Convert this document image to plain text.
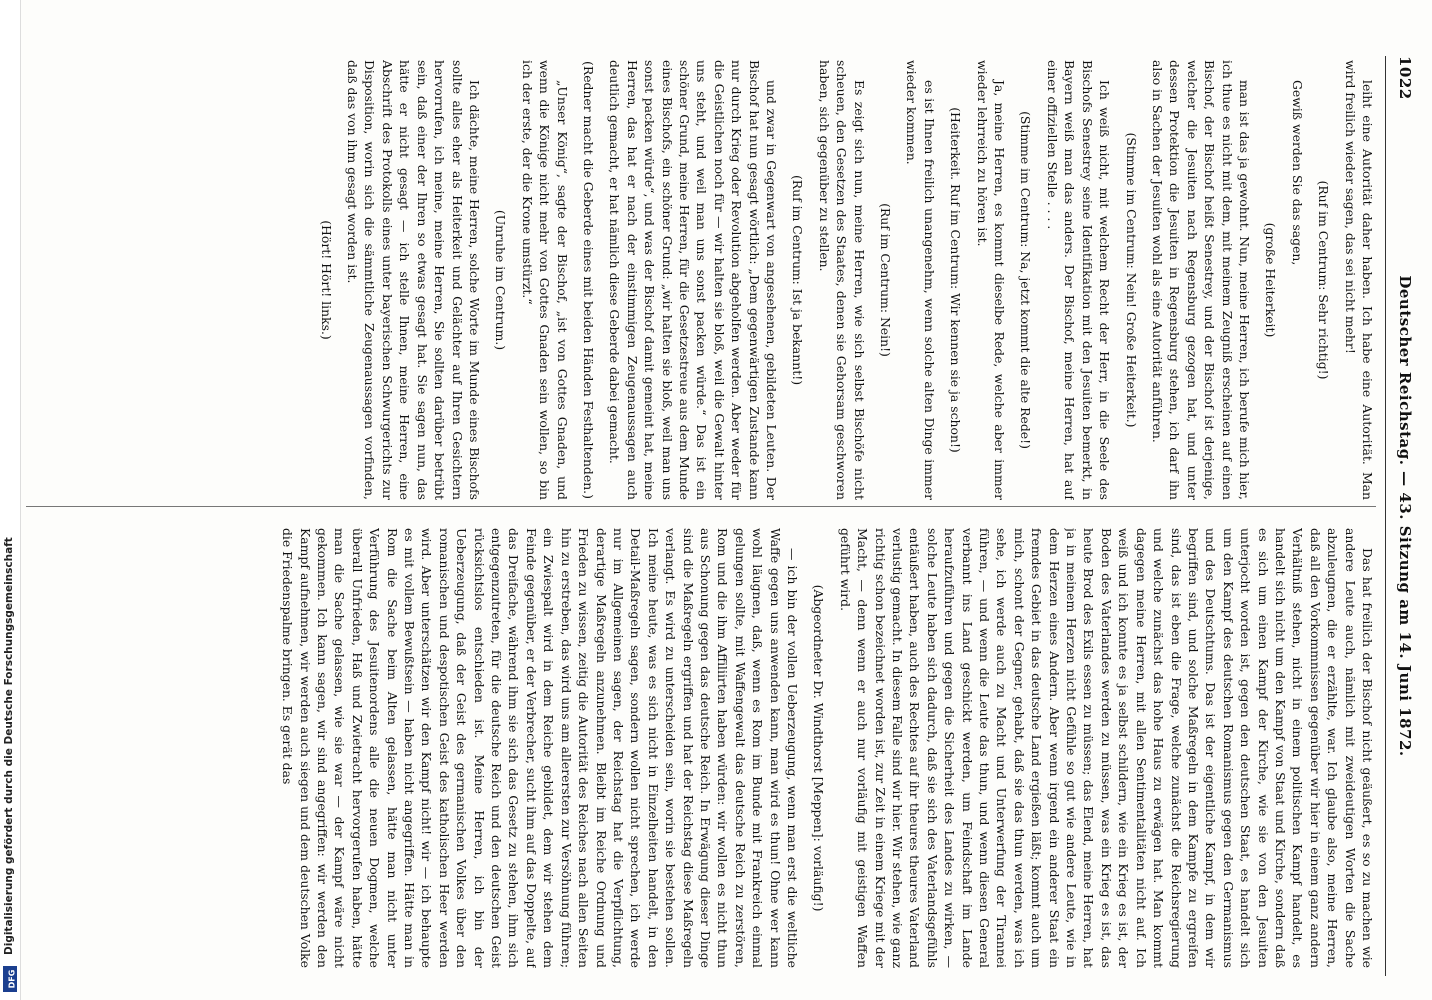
Digitalisierung gefördert durch die Deutsche Forschungsgemeinschaft
DFG
1022
Deutscher Reichstag. — 43. Sitzung am 14. Juni 1872.

leiht eine Autorität daher haben. Ich habe eine Autorität. Man wird freilich wieder sagen, das sei nicht mehr!

(Ruf im Centrum: Sehr richtig!)

Gewiß werden Sie das sagen,

(große Heiterkeit)

man ist das ja gewohnt. Nun, meine Herren, ich berufe mich hier, ich thue es nicht mit dem, mit meinem Zeugniß erscheinen auf einen Bischof, der Bischof heißt Senestrey, und der Bischof ist derjenige, welcher die Jesuiten nach Regensburg gezogen hat, und unter dessen Protektion die Jesuiten in Regensburg stehen, ich darf ihn also in Sachen der Jesuiten wohl als eine Autorität anführen.

(Stimme im Centrum: Nein! Große Heiterkeit.)

Ich weiß nicht, mit welchem Recht der Herr, in die Seele des Bischofs Senestrey seine Identifikation mit den Jesuiten bemerkt, in Bayern weiß man das anders. Der Bischof, meine Herren, hat auf einer offiziellen Stelle . . . .

(Stimme im Centrum: Na, jetzt kommt die alte Rede!)

Ja, meine Herren, es kommt dieselbe Rede, welche aber immer wieder lehrreich zu hören ist.

(Heiterkeit. Ruf im Centrum: Wir kennen sie ja schon!)

es ist Ihnen freilich unangenehm, wenn solche alten Dinge immer wieder kommen.

(Ruf im Centrum: Nein!)

Es zeigt sich nun, meine Herren, wie sich selbst Bischöfe nicht scheuen, den Gesetzen des Staates, denen sie Gehorsam geschworen haben, sich gegenüber zu stellen.

(Ruf im Centrum: Ist ja bekannt!)

und zwar in Gegenwart von angesehenen, gebildeten Leuten. Der Bischof hat nun gesagt wörtlich: „Dem gegenwärtigen Zustande kann nur durch Krieg oder Revolution abgeholfen werden. Aber weder für die Geistlichen noch für — wir halten sie bloß, weil die Gewalt hinter uns steht, und weil man uns sonst packen würde.“ Das ist ein schöner Grund, meine Herren, für die Gesetzestreue aus dem Munde eines Bischofs, ein schöner Grund: „wir halten sie bloß, weil man uns sonst packen würde“, und was der Bischof damit gemeint hat, meine Herren, das hat er nach der einstimmigen Zeugenaussagen auch deutlich gemacht, er hat nämlich diese Geberde dabei gemacht.

(Redner macht die Geberde eines mit beiden Händen Festhaltenden.)

„Unser König“, sagte der Bischof, „ist von Gottes Gnaden, und wenn die Könige nicht mehr von Gottes Gnaden sein wollen, so bin ich der erste, der die Krone umstürzt.“

(Unruhe im Centrum.)

Ich dächte, meine Herren, solche Worte im Munde eines Bischofs sollte alles eher als Heiterkeit und Gelächter auf Ihren Gesichtern hervorrufen, ich meine, meine Herren, Sie sollten darüber betrübt sein, daß einer der Ihren so etwas gesagt hat. Sie sagen nun, das hätte er nicht gesagt — ich stelle Ihnen, meine Herren, eine Abschrift des Protokolls eines unter bayerischen Schwurgerichts zur Disposition, worin sich die sämmtliche Zeugenaussagen vorfinden, daß das von ihm gesagt worden ist.

(Hört! Hört! links.)

Das hat freilich der Bischof nicht geäußert, es so zu machen wie andere Leute auch, nämlich mit zweideutigen Worten die Sache abzuleugnen, die er erzählte, war. Ich glaube also, meine Herren, daß all den Vorkommnissen gegenüber wir hier in einem ganz andern Verhältniß stehen, nicht in einem politischen Kampf handelt, es handelt sich nicht um den Kampf von Staat und Kirche, sondern daß es sich um einen Kampf der Kirche, wie sie von den Jesuiten unterjocht worden ist, gegen den deutschen Staat, es handelt sich um den Kampf des deutschen Romanismus gegen den Germanismus und des Deutschtums. Das ist der eigentliche Kampf, in dem wir begriffen sind, und solche Maßregeln in dem Kampfe zu ergreifen sind, das ist eben die Frage, welche zunächst die Reichsregierung und welche zunächst das hohe Haus zu erwägen hat. Man kommt dagegen meine Herren, mit allen Sentimentalitäten nicht auf. Ich weiß und ich konnte es ja selbst schildern, wie ein Krieg es ist, der Boden des Vaterlandes werden zu müssen, was ein Krieg es ist, das heute Brod des Exils essen zu müssen; das Elend, meine Herren, hat ja in meinem Herzen nicht Gefühle so gut wie andere Leute, wie in dem Herzen eines Andern. Aber wenn irgend ein anderer Staat ein fremdes Gebiet in das deutsche Land ergießen läßt; kommt auch um mich, schont der Gegner, gehabt, daß sie das thun werden, was ich sehe, ich werde auch zu Macht und Unterwerfung der Tirannei führen, — und wenn die Leute das thun, und wenn diesen General verbannt ins Land geschickt werden, um Feindschaft im Lande heraufzuführen und gegen die Sicherheit des Landes zu wirken, — solche Leute haben sich dadurch, daß sie sich des Vaterlandsgefühls entäußert haben, auch des Rechtes auf ihr theures theures Vaterland verlustig gemacht. In diesem Falle sind wir hier. Wir stehen, wie ganz richtig schon bezeichnet worden ist, zur Zeit in einem Kriege mit der Macht, — denn wenn er auch nur vorläufig mit geistigen Waffen geführt wird.

(Abgeordneter Dr. Windthorst [Meppen]: vorläufig!)

— ich bin der vollen Ueberzeugung, wenn man erst die weltliche Waffe gegen uns anwenden kann, man wird es thun! Ohne wer kann wohl läugnen, daß, wenn es Rom im Bunde mit Frankreich einmal gelungen sollte, mit Waffengewalt das deutsche Reich zu zerstören, Rom und die ihm Affiliirten haben würden: wir wollen es nicht thun aus Schonung gegen das deutsche Reich. In Erwägung dieser Dinge sind die Maßregeln ergriffen und hat der Reichstag diese Maßregeln verlangt. Es wird zu unterscheiden sein, worin sie bestehen sollen. Ich meine heute, was es sich nicht in Einzelheiten handelt, in den Detail-Maßregeln sagen, sondern wollen nicht sprechen, ich werde nur im Allgemeinen sagen, der Reichstag hat die Verpflichtung, derartige Maßregeln anzunehmen. Bleibt im Reiche Ordnung und Frieden zu wissen, zeitig die Autorität des Reiches nach allen Seiten hin zu erstreben, das wird uns am allerersten zur Versöhnung führen; ein Zwiespalt wird in dem Reiche gebildet, dem wir stehen dem Feinde gegenüber, er der Verbrecher, sucht ihm auf das Doppelte, auf das Dreifache, während ihm sie sich das Gesetz zu stehen, ihm sich entgegenzutreten, für die deutsche Reich und den deutschen Geist rücksichtslos entschieden ist. Meine Herren, ich bin der Ueberzeugung, daß der Geist des germanischen Volkes über den romanischen und despotischen Geist des katholischen Heer werden wird. Aber unterschätzen wir den Kampf nicht! wir — ich behaupte es mit vollem Bewußtsein — haben nicht angegriffen. Hätte man in Rom die Sache beim Alten gelassen, hätte man nicht unter Verführung des Jesuitenordens alle die neuen Dogmen, welche überall Unfrieden, Haß und Zwietracht hervorgerufen haben, hätte man die Sache gelassen, wie sie war — der Kampf wäre nicht gekommen. Ich kann sagen, wir sind angegriffen: wir werden den Kampf aufnehmen, wir werden auch siegen und dem deutschen Volke die Friedenspalme bringen. Es gerät das
